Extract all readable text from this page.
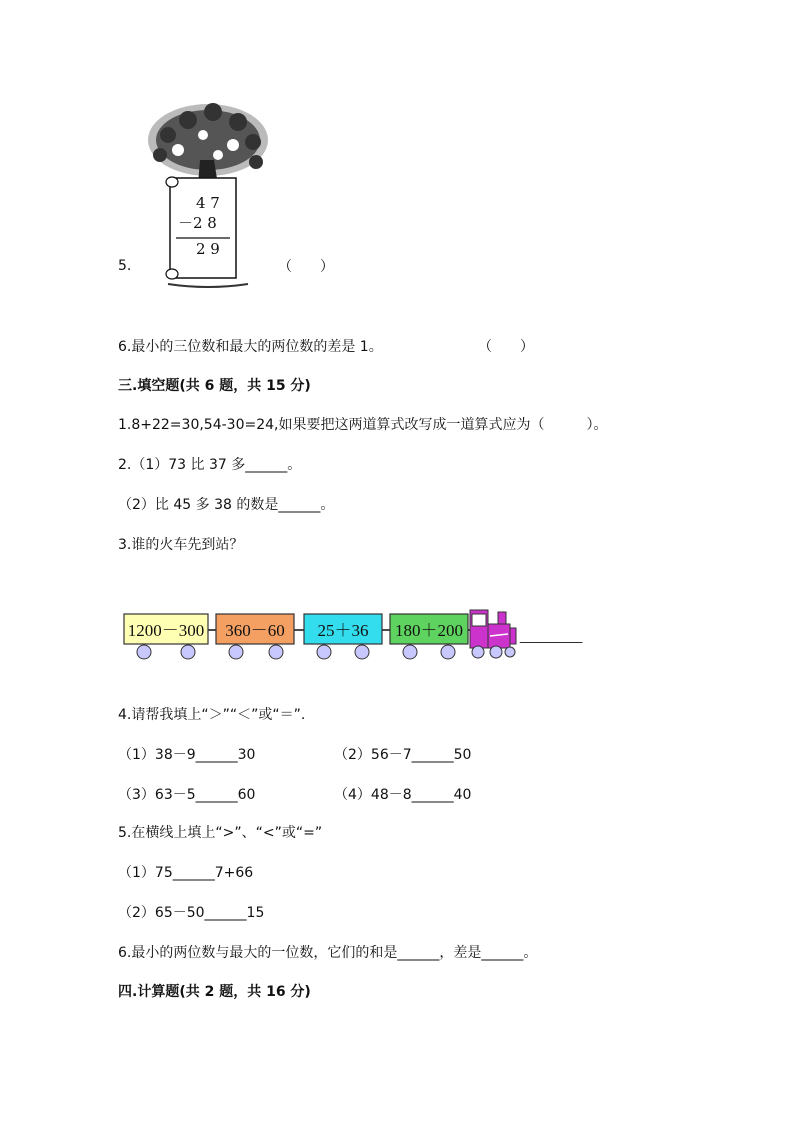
5.
4 7
－2 8
2 9
（　　）
6.最小的三位数和最大的两位数的差是 1。	（　　）
三.填空题(共 6 题，共 15 分)
1.8+22=30,54-30=24,如果要把这两道算式改写成一道算式应为（　　　）。
2.（1）73 比 37 多______。
（2）比 45 多 38 的数是______。
3.谁的火车先到站？
1200－300 360－60 25＋36 180＋200	________
4.请帮我填上“＞”“＜”或“＝”.
（1）38－9______30	（2）56－7______50
（3）63－5______60	（4）48－8______40
5.在横线上填上“>”、“<”或“=”
（1）75______7+66
（2）65－50______15
6.最小的两位数与最大的一位数，它们的和是______，差是______。
四.计算题(共 2 题，共 16 分)
